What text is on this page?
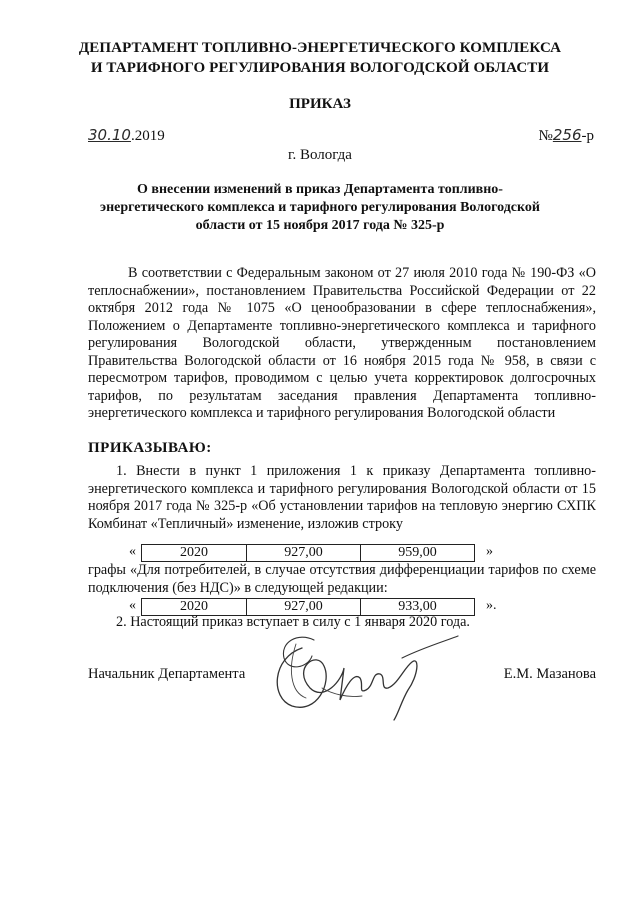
ДЕПАРТАМЕНТ ТОПЛИВНО-ЭНЕРГЕТИЧЕСКОГО КОМПЛЕКСА
И ТАРИФНОГО РЕГУЛИРОВАНИЯ ВОЛОГОДСКОЙ ОБЛАСТИ
ПРИКАЗ
30.10.2019	№256-р
г. Вологда
О внесении изменений в приказ Департамента топливно-
энергетического комплекса и тарифного регулирования Вологодской
области от 15 ноября 2017 года № 325-р
В соответствии с Федеральным законом от 27 июля 2010 года № 190-ФЗ «О теплоснабжении», постановлением Правительства Российской Федерации от 22 октября 2012 года № 1075 «О ценообразовании в сфере теплоснабжения», Положением о Департаменте топливно-энергетического комплекса и тарифного регулирования Вологодской области, утвержденным постановлением Правительства Вологодской области от 16 ноября 2015 года № 958, в связи с пересмотром тарифов, проводимом с целью учета корректировок долгосрочных тарифов, по результатам заседания правления Департамента топливно-энергетического комплекса и тарифного регулирования Вологодской области
ПРИКАЗЫВАЮ:
1. Внести в пункт 1 приложения 1 к приказу Департамента топливно-энергетического комплекса и тарифного регулирования Вологодской области от 15 ноября 2017 года № 325-р «Об установлении тарифов на тепловую энергию СХПК Комбинат «Тепличный» изменение, изложив строку
«	2020	927,00	959,00	»
графы «Для потребителей, в случае отсутствия дифференциации тарифов по схеме подключения (без НДС)» в следующей редакции:
«	2020	927,00	933,00	».
2. Настоящий приказ вступает в силу с 1 января 2020 года.
Начальник Департамента	Е.М. Мазанова
